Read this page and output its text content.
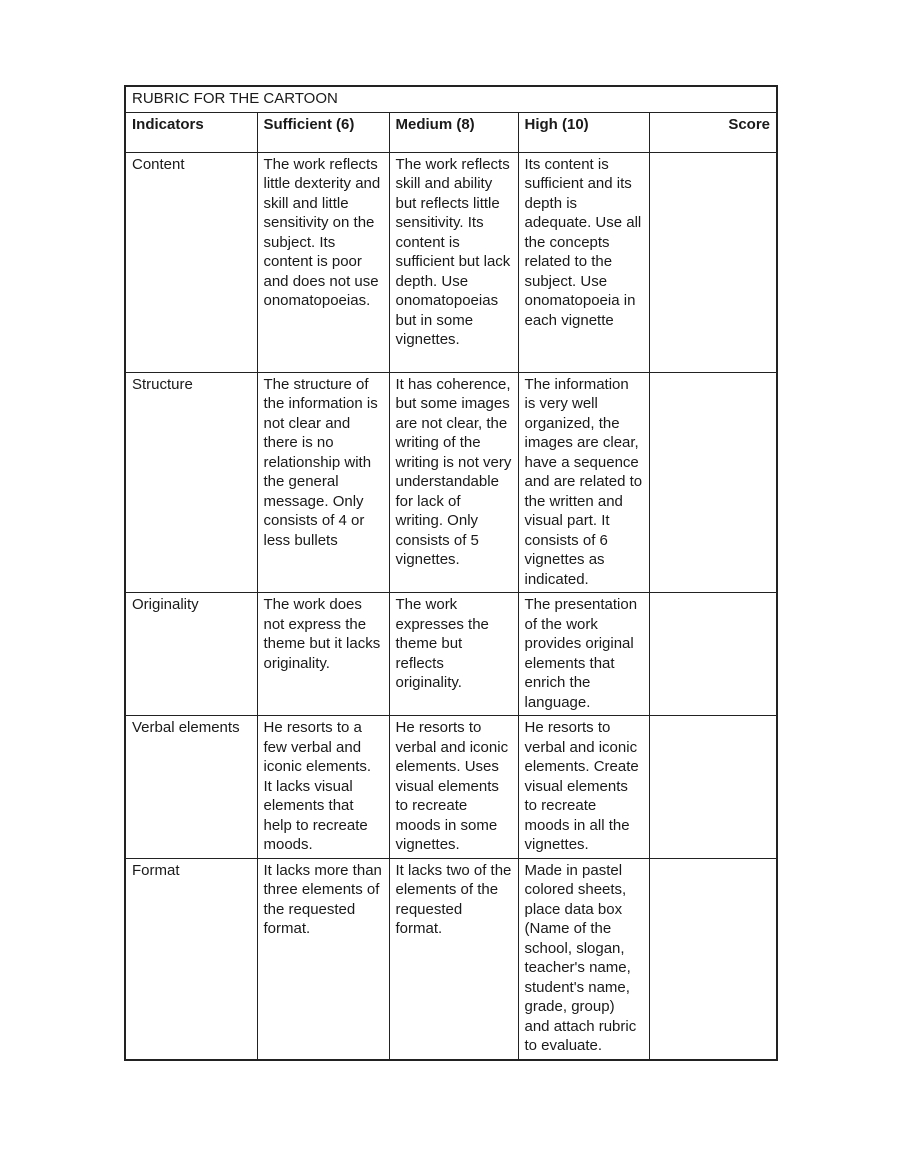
RUBRIC FOR THE CARTOON				
Indicators	Sufficient (6)	Medium (8)	High (10)	Score
Content	The work reflects little dexterity and skill and little sensitivity on the subject. Its content is poor and does not use onomatopoeias.	The work reflects skill and ability but reflects little sensitivity. Its content is sufficient but lack depth. Use onomatopoeias but in some vignettes.	Its content is sufficient and its depth is adequate. Use all the concepts related to the subject. Use onomatopoeia in each vignette	
Structure	The structure of the information is not clear and there is no relationship with the general message. Only consists of 4 or less bullets	It has coherence, but some images are not clear, the writing of the writing is not very understandable for lack of writing. Only consists of 5 vignettes.	The information is very well organized, the images are clear, have a sequence and are related to the written and visual part. It consists of 6 vignettes as indicated.	
Originality	The work does not express the theme but it lacks originality.	The work expresses the theme but reflects originality.	The presentation of the work provides original elements that enrich the language.	
Verbal elements	He resorts to a few verbal and iconic elements. It lacks visual elements that help to recreate moods.	He resorts to verbal and iconic elements. Uses visual elements to recreate moods in some vignettes.	He resorts to verbal and iconic elements. Create visual elements to recreate moods in all the vignettes.	
Format	It lacks more than three elements of the requested format.	It lacks two of the elements of the requested format.	Made in pastel colored sheets, place data box (Name of the school, slogan, teacher's name, student's name, grade, group) and attach rubric to evaluate.	
